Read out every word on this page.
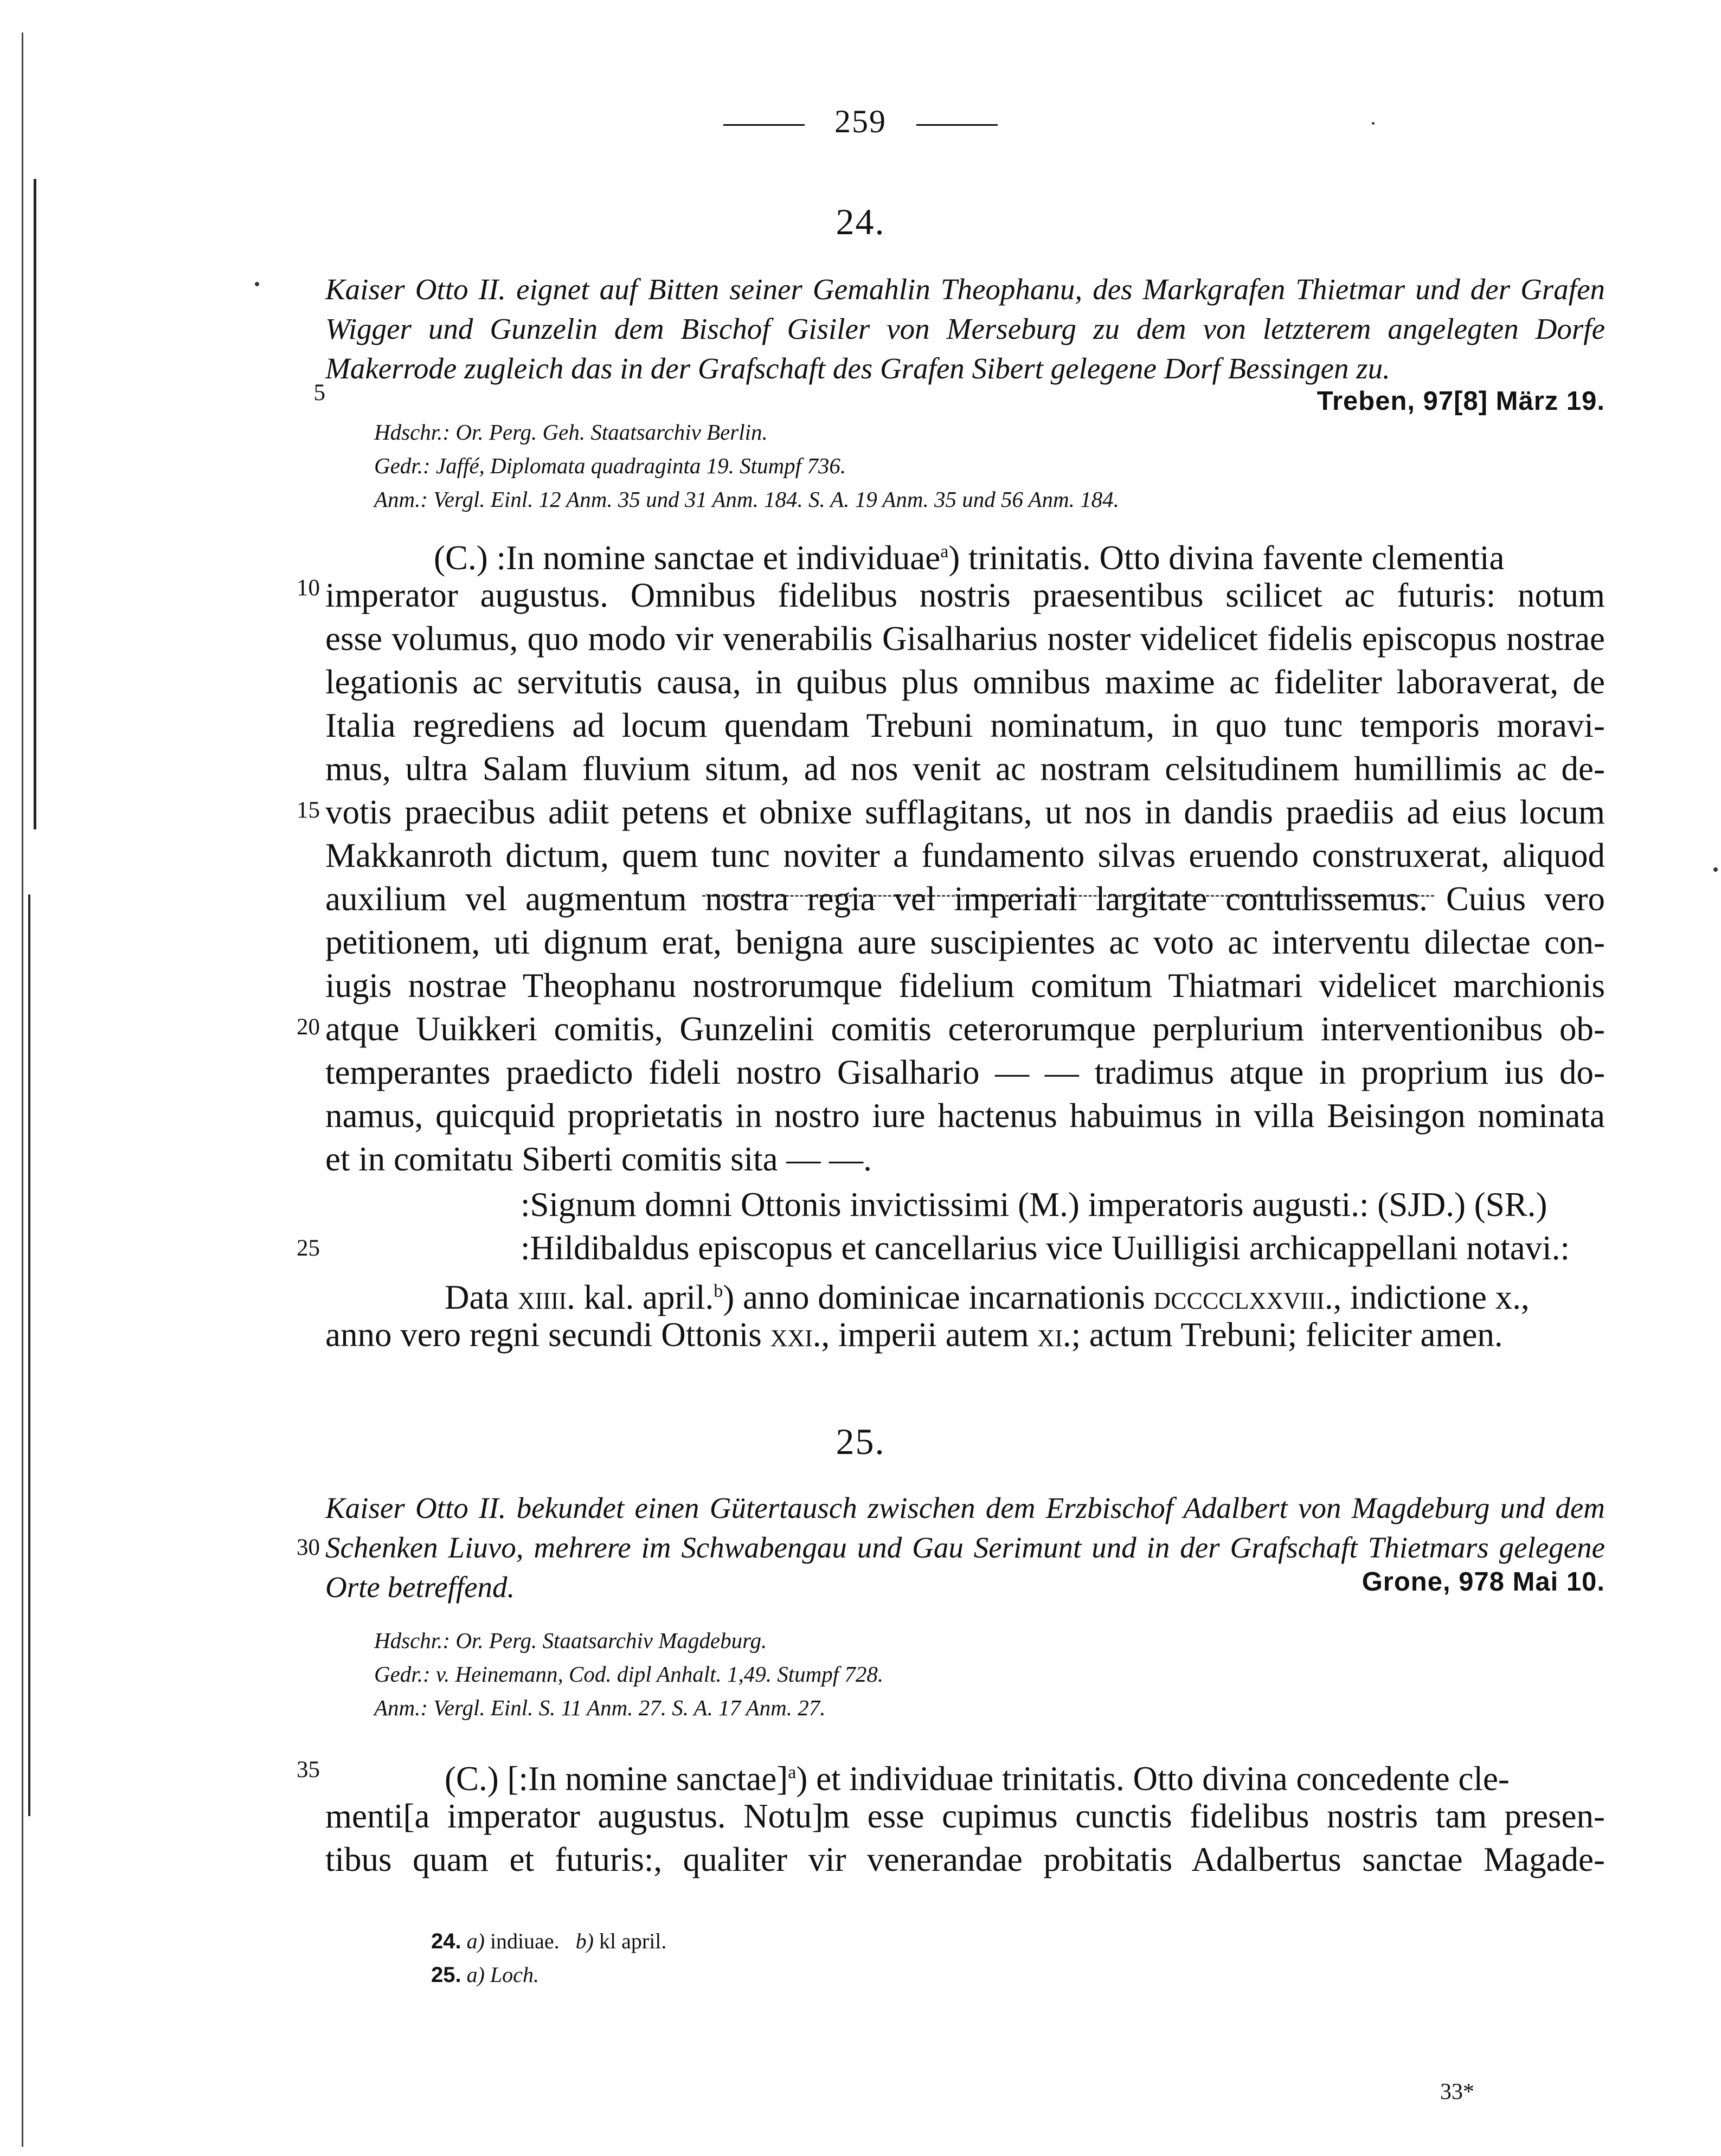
259
24.
Kaiser Otto II. eignet auf Bitten seiner Gemahlin Theophanu, des Markgrafen Thietmar und der Grafen Wigger und Gunzelin dem Bischof Gisiler von Merseburg zu dem von letzterem angelegten Dorfe Makerrode zugleich das in der Grafschaft des Grafen Sibert gelegene Dorf Bessingen zu.
5	Treben, 97[8] März 19.
Hdschr.: Or. Perg. Geh. Staatsarchiv Berlin.
Gedr.: Jaffé, Diplomata quadraginta 19. Stumpf 736.
Anm.: Vergl. Einl. 12 Anm. 35 und 31 Anm. 184. S. A. 19 Anm. 35 und 56 Anm. 184.
(C.) :In nomine sanctae et individuae$^a$) trinitatis. Otto divina favente clementia
10 imperator augustus. Omnibus fidelibus nostris praesentibus scilicet ac futuris: notum
esse volumus, quo modo vir venerabilis Gisalharius noster videlicet fidelis episcopus nostrae
legationis ac servitutis causa, in quibus plus omnibus maxime ac fideliter laboraverat, de
Italia regrediens ad locum quendam Trebuni nominatum, in quo tunc temporis moravi-
mus, ultra Salam fluvium situm, ad nos venit ac nostram celsitudinem humillimis ac de-
15 votis praecibus adiit petens et obnixe sufflagitans, ut nos in dandis praediis ad eius locum
Makkanroth dictum, quem tunc noviter a fundamento silvas eruendo construxerat, aliquod
auxilium vel augmentum nostra regia vel imperiali largitate contulissemus. Cuius vero
petitionem, uti dignum erat, benigna aure suscipientes ac voto ac interventu dilectae con-
iugis nostrae Theophanu nostrorumque fidelium comitum Thiatmari videlicet marchionis
20 atque Uuikkeri comitis, Gunzelini comitis ceterorumque perplurium interventionibus ob-
temperantes praedicto fideli nostro Gisalhario — — tradimus atque in proprium ius do-
namus, quicquid proprietatis in nostro iure hactenus habuimus in villa Beisingon nominata
et in comitatu Siberti comitis sita — —.
:Signum domni Ottonis invictissimi (M.) imperatoris augusti.: (SJD.) (SR.)
25	:Hildibaldus episcopus et cancellarius vice Uuilligisi archicappellani notavi.:
Data xiiii. kal. april.$^b$) anno dominicae incarnationis dcccclxxviii., indictione x.,
anno vero regni secundi Ottonis xxi., imperii autem xi.; actum Trebuni; feliciter amen.
25.
30
Kaiser Otto II. bekundet einen Gütertausch zwischen dem Erzbischof Adalbert von Magdeburg und dem Schenken Liuvo, mehrere im Schwabengau und Gau Serimunt und in der Grafschaft Thietmars gelegene Orte betreffend.	Grone, 978 Mai 10.
Hdschr.: Or. Perg. Staatsarchiv Magdeburg.
Gedr.: v. Heinemann, Cod. dipl Anhalt. 1,49. Stumpf 728.
Anm.: Vergl. Einl. S. 11 Anm. 27. S. A. 17 Anm. 27.
35	(C.) [:In nomine sanctae]$^a$) et individuae trinitatis. Otto divina concedente cle-
menti[a imperator augustus. Notu]m esse cupimus cunctis fidelibus nostris tam presen-
tibus quam et futuris:, qualiter vir venerandae probitatis Adalbertus sanctae Magade-
24. a) indiuae. b) kl april.
25. a) Loch.
33*
